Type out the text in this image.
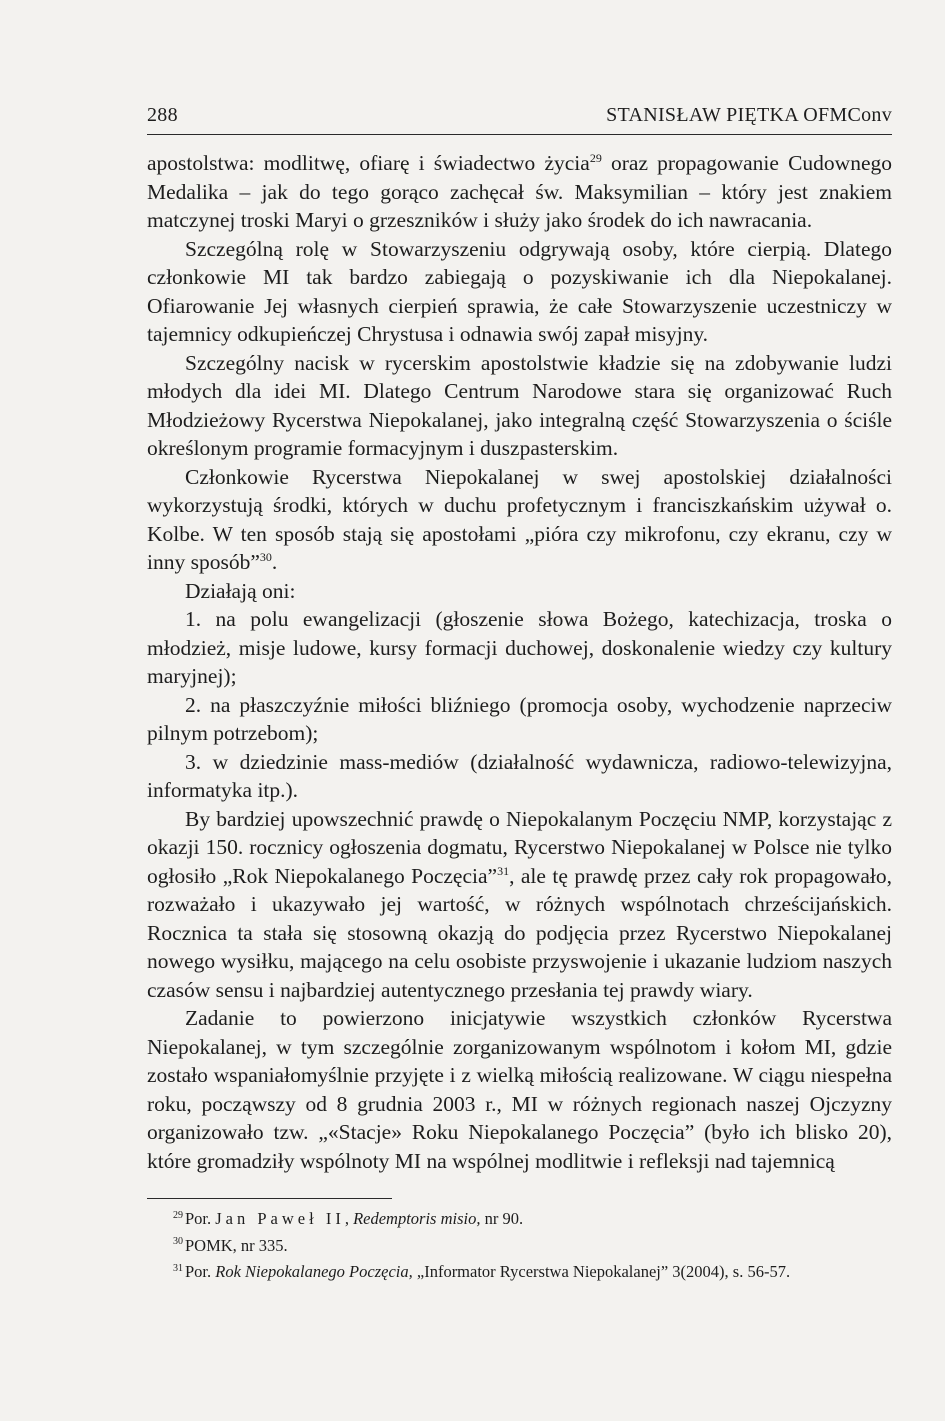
288	STANISŁAW PIĘTKA OFMConv

apostolstwa: modlitwę, ofiarę i świadectwo życia$^{29}$ oraz propagowanie Cudownego Medalika – jak do tego gorąco zachęcał św. Maksymilian – który jest znakiem matczynej troski Maryi o grzeszników i służy jako środek do ich nawracania.

Szczególną rolę w Stowarzyszeniu odgrywają osoby, które cierpią. Dlatego członkowie MI tak bardzo zabiegają o pozyskiwanie ich dla Niepokalanej. Ofiarowanie Jej własnych cierpień sprawia, że całe Stowarzyszenie uczestniczy w tajemnicy odkupieńczej Chrystusa i odnawia swój zapał misyjny.

Szczególny nacisk w rycerskim apostolstwie kładzie się na zdobywanie ludzi młodych dla idei MI. Dlatego Centrum Narodowe stara się organizować Ruch Młodzieżowy Rycerstwa Niepokalanej, jako integralną część Stowarzyszenia o ściśle określonym programie formacyjnym i duszpasterskim.

Członkowie Rycerstwa Niepokalanej w swej apostolskiej działalności wykorzystują środki, których w duchu profetycznym i franciszkańskim używał o. Kolbe. W ten sposób stają się apostołami „pióra czy mikrofonu, czy ekranu, czy w inny sposób”$^{30}$.

Działają oni:

1. na polu ewangelizacji (głoszenie słowa Bożego, katechizacja, troska o młodzież, misje ludowe, kursy formacji duchowej, doskonalenie wiedzy czy kultury maryjnej);

2. na płaszczyźnie miłości bliźniego (promocja osoby, wychodzenie naprzeciw pilnym potrzebom);

3. w dziedzinie mass-mediów (działalność wydawnicza, radiowo-telewizyjna, informatyka itp.).

By bardziej upowszechnić prawdę o Niepokalanym Poczęciu NMP, korzystając z okazji 150. rocznicy ogłoszenia dogmatu, Rycerstwo Niepokalanej w Polsce nie tylko ogłosiło „Rok Niepokalanego Poczęcia”$^{31}$, ale tę prawdę przez cały rok propagowało, rozważało i ukazywało jej wartość, w różnych wspólnotach chrześcijańskich. Rocznica ta stała się stosowną okazją do podjęcia przez Rycerstwo Niepokalanej nowego wysiłku, mającego na celu osobiste przyswojenie i ukazanie ludziom naszych czasów sensu i najbardziej autentycznego przesłania tej prawdy wiary.

Zadanie to powierzono inicjatywie wszystkich członków Rycerstwa Niepokalanej, w tym szczególnie zorganizowanym wspólnotom i kołom MI, gdzie zostało wspaniałomyślnie przyjęte i z wielką miłością realizowane. W ciągu niespełna roku, począwszy od 8 grudnia 2003 r., MI w różnych regionach naszej Ojczyzny organizowało tzw. „«Stacje» Roku Niepokalanego Poczęcia” (było ich blisko 20), które gromadziły wspólnoty MI na wspólnej modlitwie i refleksji nad tajemnicą

$^{29}$ Por. Jan Paweł II, Redemptoris misio, nr 90.

$^{30}$ POMK, nr 335.

$^{31}$ Por. Rok Niepokalanego Poczęcia, „Informator Rycerstwa Niepokalanej” 3(2004), s. 56-57.
